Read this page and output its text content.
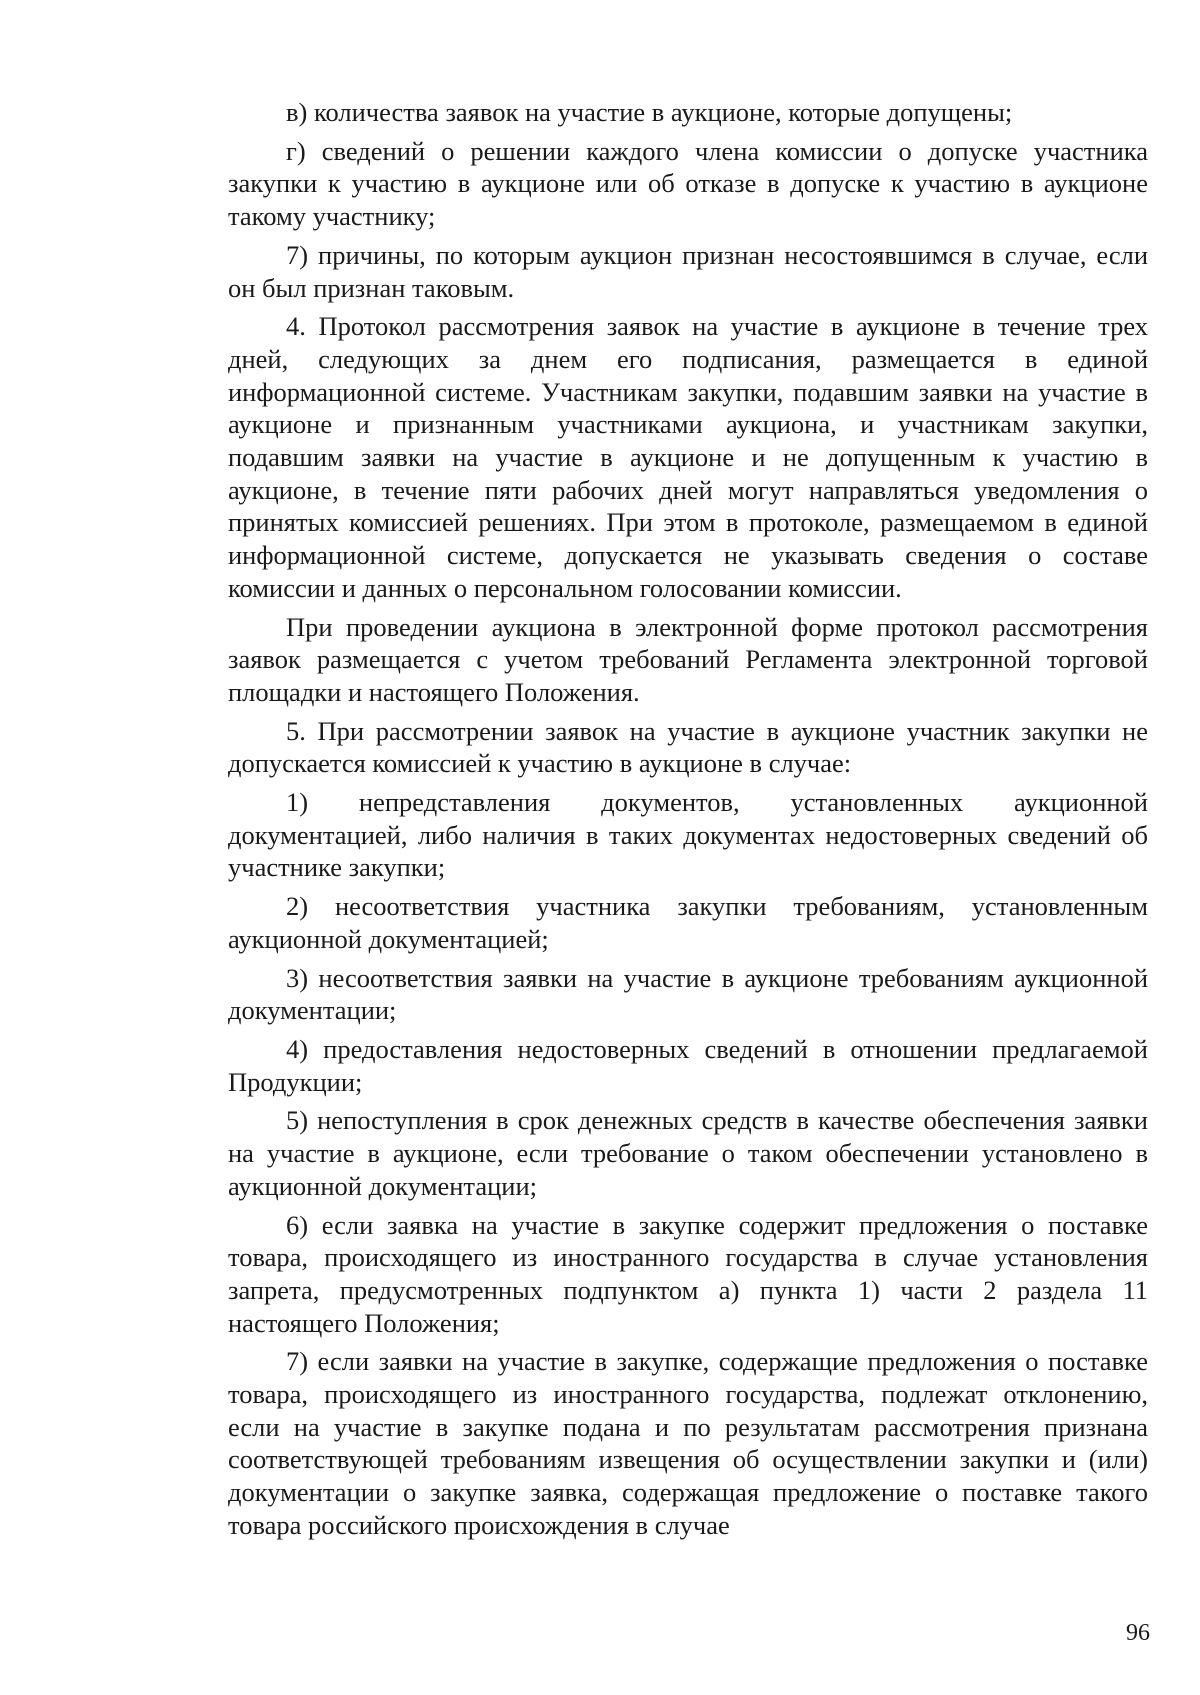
в) количества заявок на участие в аукционе, которые допущены;

г) сведений о решении каждого члена комиссии о допуске участника закупки к участию в аукционе или об отказе в допуске к участию в аукционе такому участнику;

7) причины, по которым аукцион признан несостоявшимся в случае, если он был признан таковым.

4. Протокол рассмотрения заявок на участие в аукционе в течение трех дней, следующих за днем его подписания, размещается в единой информационной системе. Участникам закупки, подавшим заявки на участие в аукционе и признанным участниками аукциона, и участникам закупки, подавшим заявки на участие в аукционе и не допущенным к участию в аукционе, в течение пяти рабочих дней могут направляться уведомления о принятых комиссией решениях. При этом в протоколе, размещаемом в единой информационной системе, допускается не указывать сведения о составе комиссии и данных о персональном голосовании комиссии.

При проведении аукциона в электронной форме протокол рассмотрения заявок размещается с учетом требований Регламента электронной торговой площадки и настоящего Положения.

5. При рассмотрении заявок на участие в аукционе участник закупки не допускается комиссией к участию в аукционе в случае:

1) непредставления документов, установленных аукционной документацией, либо наличия в таких документах недостоверных сведений об участнике закупки;

2) несоответствия участника закупки требованиям, установленным аукционной документацией;

3) несоответствия заявки на участие в аукционе требованиям аукционной документации;

4) предоставления недостоверных сведений в отношении предлагаемой Продукции;

5) непоступления в срок денежных средств в качестве обеспечения заявки на участие в аукционе, если требование о таком обеспечении установлено в аукционной документации;

6) если заявка на участие в закупке содержит предложения о поставке товара, происходящего из иностранного государства в случае установления запрета, предусмотренных подпунктом а) пункта 1) части 2 раздела 11 настоящего Положения;

7) если заявки на участие в закупке, содержащие предложения о поставке товара, происходящего из иностранного государства, подлежат отклонению, если на участие в закупке подана и по результатам рассмотрения признана соответствующей требованиям извещения об осуществлении закупки и (или) документации о закупке заявка, содержащая предложение о поставке такого товара российского происхождения в случае

96
